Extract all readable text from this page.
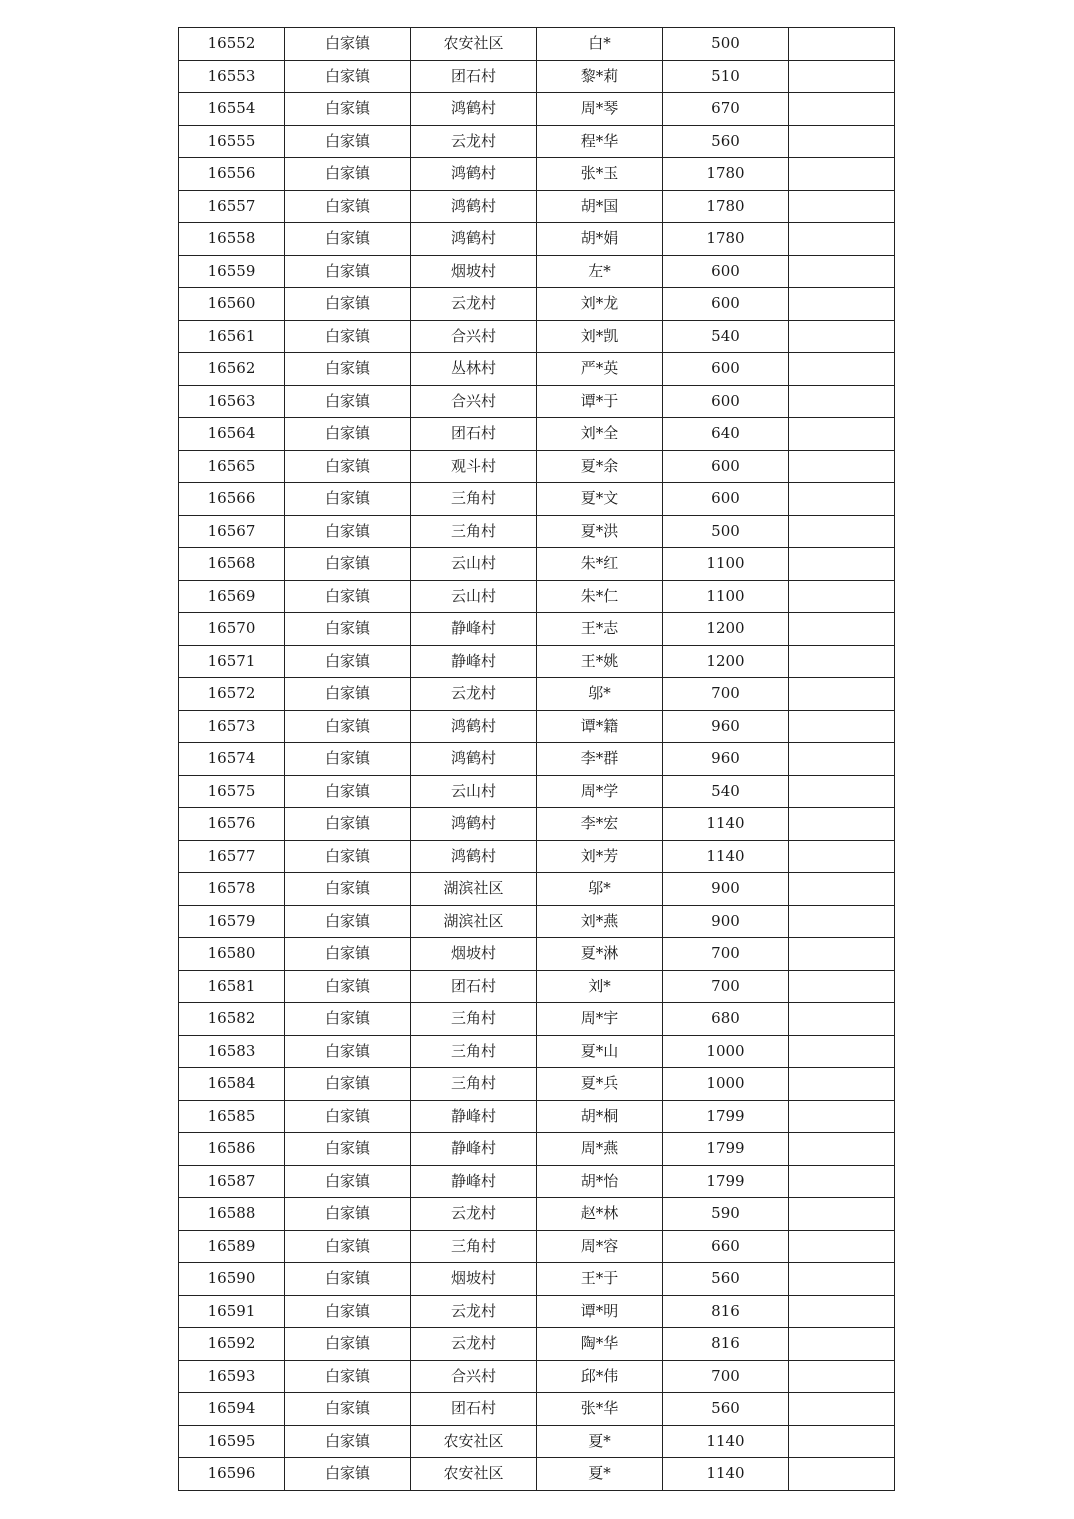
16552	白家镇	农安社区	白*	500	
16553	白家镇	团石村	黎*莉	510	
16554	白家镇	鸿鹤村	周*琴	670	
16555	白家镇	云龙村	程*华	560	
16556	白家镇	鸿鹤村	张*玉	1780	
16557	白家镇	鸿鹤村	胡*国	1780	
16558	白家镇	鸿鹤村	胡*娟	1780	
16559	白家镇	烟坡村	左*	600	
16560	白家镇	云龙村	刘*龙	600	
16561	白家镇	合兴村	刘*凯	540	
16562	白家镇	丛林村	严*英	600	
16563	白家镇	合兴村	谭*于	600	
16564	白家镇	团石村	刘*全	640	
16565	白家镇	观斗村	夏*余	600	
16566	白家镇	三角村	夏*文	600	
16567	白家镇	三角村	夏*洪	500	
16568	白家镇	云山村	朱*红	1100	
16569	白家镇	云山村	朱*仁	1100	
16570	白家镇	静峰村	王*志	1200	
16571	白家镇	静峰村	王*姚	1200	
16572	白家镇	云龙村	邬*	700	
16573	白家镇	鸿鹤村	谭*籍	960	
16574	白家镇	鸿鹤村	李*群	960	
16575	白家镇	云山村	周*学	540	
16576	白家镇	鸿鹤村	李*宏	1140	
16577	白家镇	鸿鹤村	刘*芳	1140	
16578	白家镇	湖滨社区	邬*	900	
16579	白家镇	湖滨社区	刘*燕	900	
16580	白家镇	烟坡村	夏*淋	700	
16581	白家镇	团石村	刘*	700	
16582	白家镇	三角村	周*宇	680	
16583	白家镇	三角村	夏*山	1000	
16584	白家镇	三角村	夏*兵	1000	
16585	白家镇	静峰村	胡*桐	1799	
16586	白家镇	静峰村	周*燕	1799	
16587	白家镇	静峰村	胡*怡	1799	
16588	白家镇	云龙村	赵*林	590	
16589	白家镇	三角村	周*容	660	
16590	白家镇	烟坡村	王*于	560	
16591	白家镇	云龙村	谭*明	816	
16592	白家镇	云龙村	陶*华	816	
16593	白家镇	合兴村	邱*伟	700	
16594	白家镇	团石村	张*华	560	
16595	白家镇	农安社区	夏*	1140	
16596	白家镇	农安社区	夏*	1140	
